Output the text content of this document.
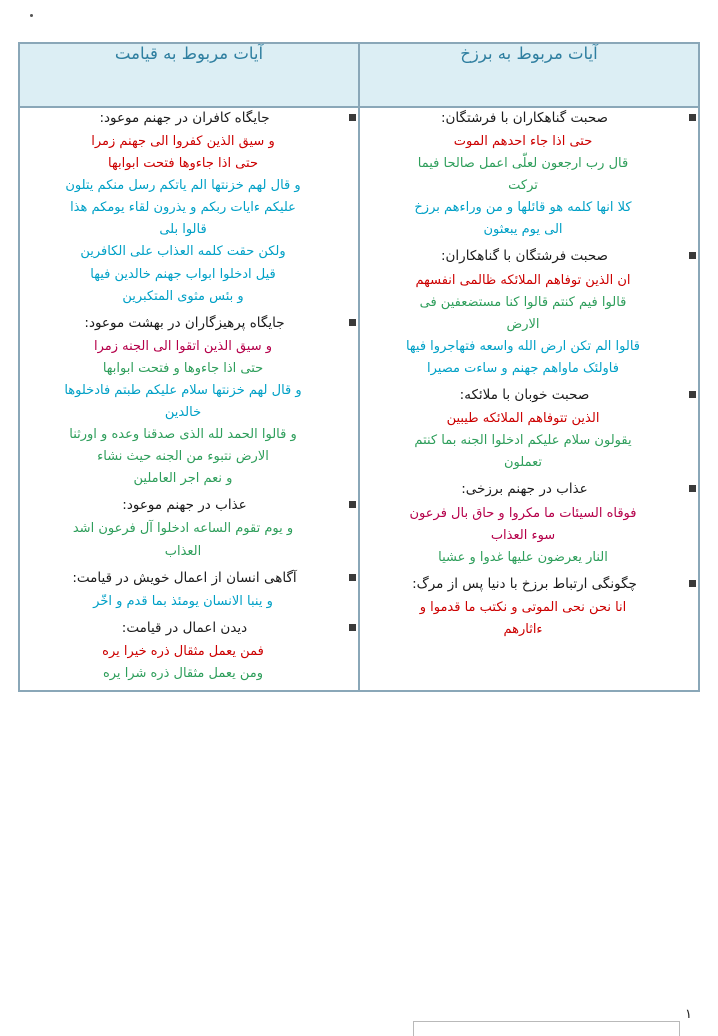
آیات مربوط به برزخ	آیات مربوط به قیامت

صحبت گناهکاران با فرشتگان:
حتی اذا جاء احدهم الموت
قال رب ارجعون لعلّی اعمل صالحا فیما
ترکت
کلا انها کلمه هو قائلها و من وراءهم برزخ
الی یوم یبعثون
صحبت فرشتگان با گناهکاران:
ان الذین توفاهم الملائکه ظالمی انفسهم
قالوا فیم کنتم قالوا کنا مستضعفین فی
الارض
قالوا الم تکن ارض الله واسعه فتهاجروا فیها
فاولئک ماواهم جهنم و ساءت مصیرا
صحبت خوبان با ملائکه:
الذین تتوفاهم الملائکه طیبین
یقولون سلام علیکم ادخلوا الجنه بما کنتم
تعملون
عذاب در جهنم برزخی:
فوقاه السیئات ما مکروا و حاق بال فرعون
سوء العذاب
النار یعرضون علیها غدوا و عشیا
چگونگی ارتباط برزخ با دنیا پس از مرگ:
انا نحن نحی الموتی و نکتب ما قدموا و
ءاثارهم

جایگاه کافران در جهنم موعود:
و سیق الذین کفروا الی جهنم زمرا
حتی اذا جاءوها فتحت ابوابها
و قال لهم خزنتها الم یاتکم رسل منکم یتلون
علیکم ءایات ربکم و یذرون لقاء یومکم هذا
قالوا بلی
ولکن حقت کلمه العذاب علی الکافرین
قیل ادخلوا ابواب جهنم خالدین فیها
و بئس مثوی المتکبرین
جایگاه پرهیزگاران در بهشت موعود:
و سیق الذین اتقوا الی الجنه زمرا
حتی اذا جاءوها و فتحت ابوابها
و قال لهم خزنتها سلام علیکم طبتم فادخلوها
خالدین
و قالوا الحمد لله الذی صدقنا وعده و اورثنا
الارض نتبوء من الجنه حیث نشاء
و نعم اجر العاملین
عذاب در جهنم موعود:
و یوم تقوم الساعه ادخلوا آل فرعون اشد
العذاب
آگاهی انسان از اعمال خویش در قیامت:
و ینبا الانسان یومئذ بما قدم و اخّر
دیدن اعمال در قیامت:
فمن یعمل مثقال ذره خیرا یره
ومن یعمل مثقال ذره شرا یره
١
